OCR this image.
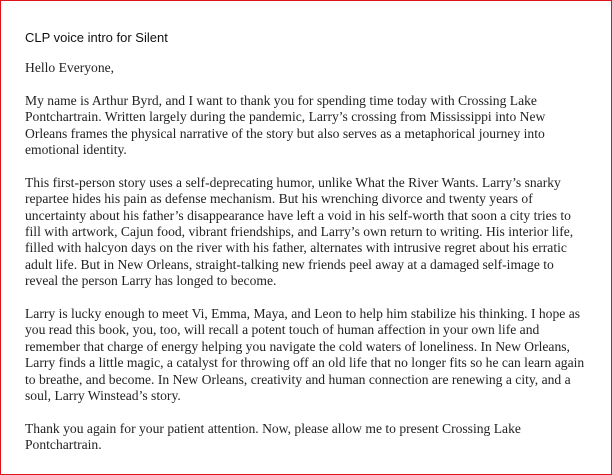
CLP voice intro for Silent

Hello Everyone,

My name is Arthur Byrd, and I want to thank you for spending time today with Crossing Lake Pontchartrain. Written largely during the pandemic, Larry’s crossing from Mississippi into New Orleans frames the physical narrative of the story but also serves as a metaphorical journey into emotional identity.

This first-person story uses a self-deprecating humor, unlike What the River Wants. Larry’s snarky repartee hides his pain as defense mechanism. But his wrenching divorce and twenty years of uncertainty about his father’s disappearance have left a void in his self-worth that soon a city tries to fill with artwork, Cajun food, vibrant friendships, and Larry’s own return to writing. His interior life, filled with halcyon days on the river with his father, alternates with intrusive regret about his erratic adult life. But in New Orleans, straight-talking new friends peel away at a damaged self-image to reveal the person Larry has longed to become.

Larry is lucky enough to meet Vi, Emma, Maya, and Leon to help him stabilize his thinking. I hope as you read this book, you, too, will recall a potent touch of human affection in your own life and remember that charge of energy helping you navigate the cold waters of loneliness. In New Orleans, Larry finds a little magic, a catalyst for throwing off an old life that no longer fits so he can learn again to breathe, and become. In New Orleans, creativity and human connection are renewing a city, and a soul, Larry Winstead’s story.

Thank you again for your patient attention. Now, please allow me to present Crossing Lake Pontchartrain.
